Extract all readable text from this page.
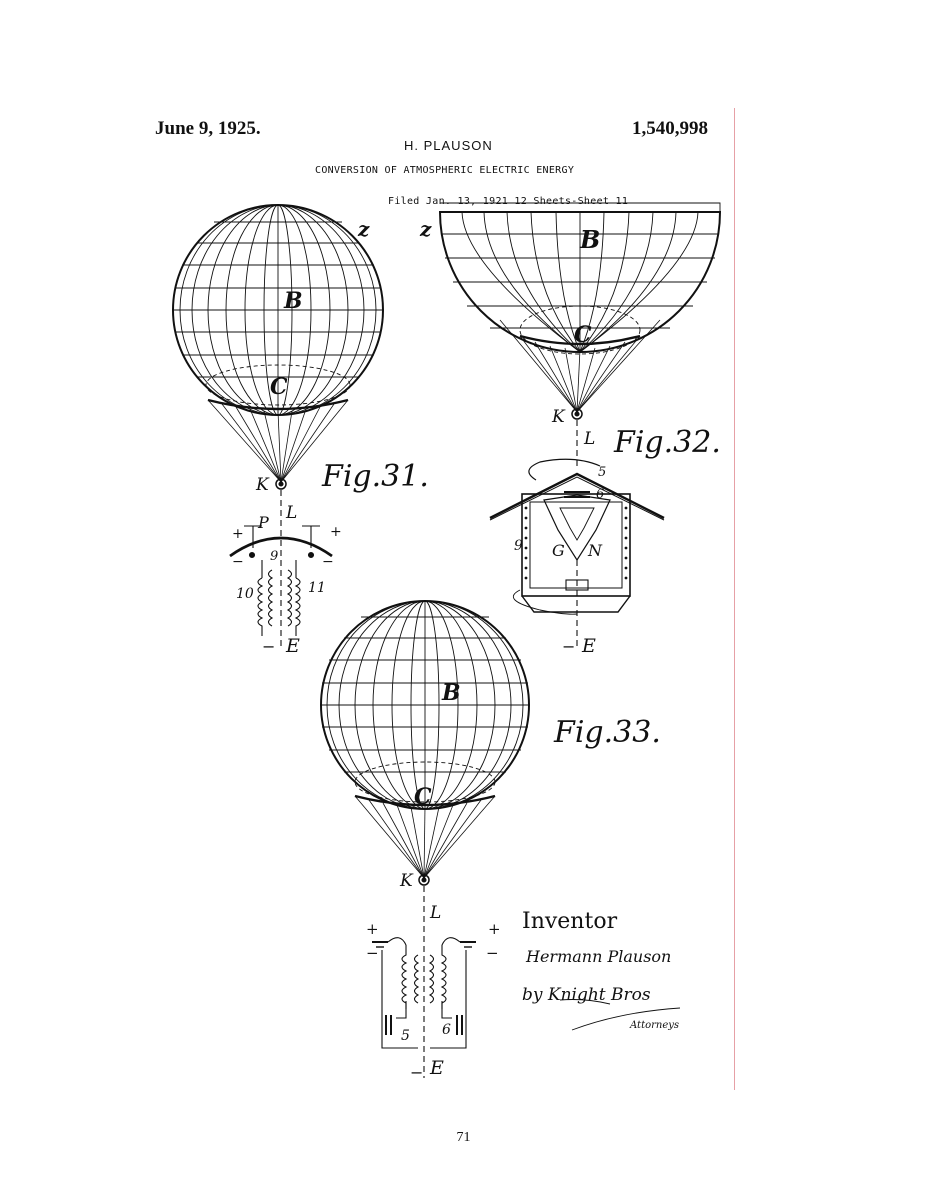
June 9, 1925.	1,540,998
H. PLAUSON
CONVERSION OF ATMOSPHERIC ELECTRIC ENERGY
Filed Jan. 13, 1921 12 Sheets-Sheet 11
z
B
C
K
L
P
9
10	11
E
−
+	+
−	−
Fig.31.
z	B
C
K
L
5
6
9 G N
E
−
Fig.32.
B
C
K
L
5 6
E
−
+	+
−	−
Fig.33.
Inventor
Hermann Plauson
by Knight Bros
Attorneys
71
